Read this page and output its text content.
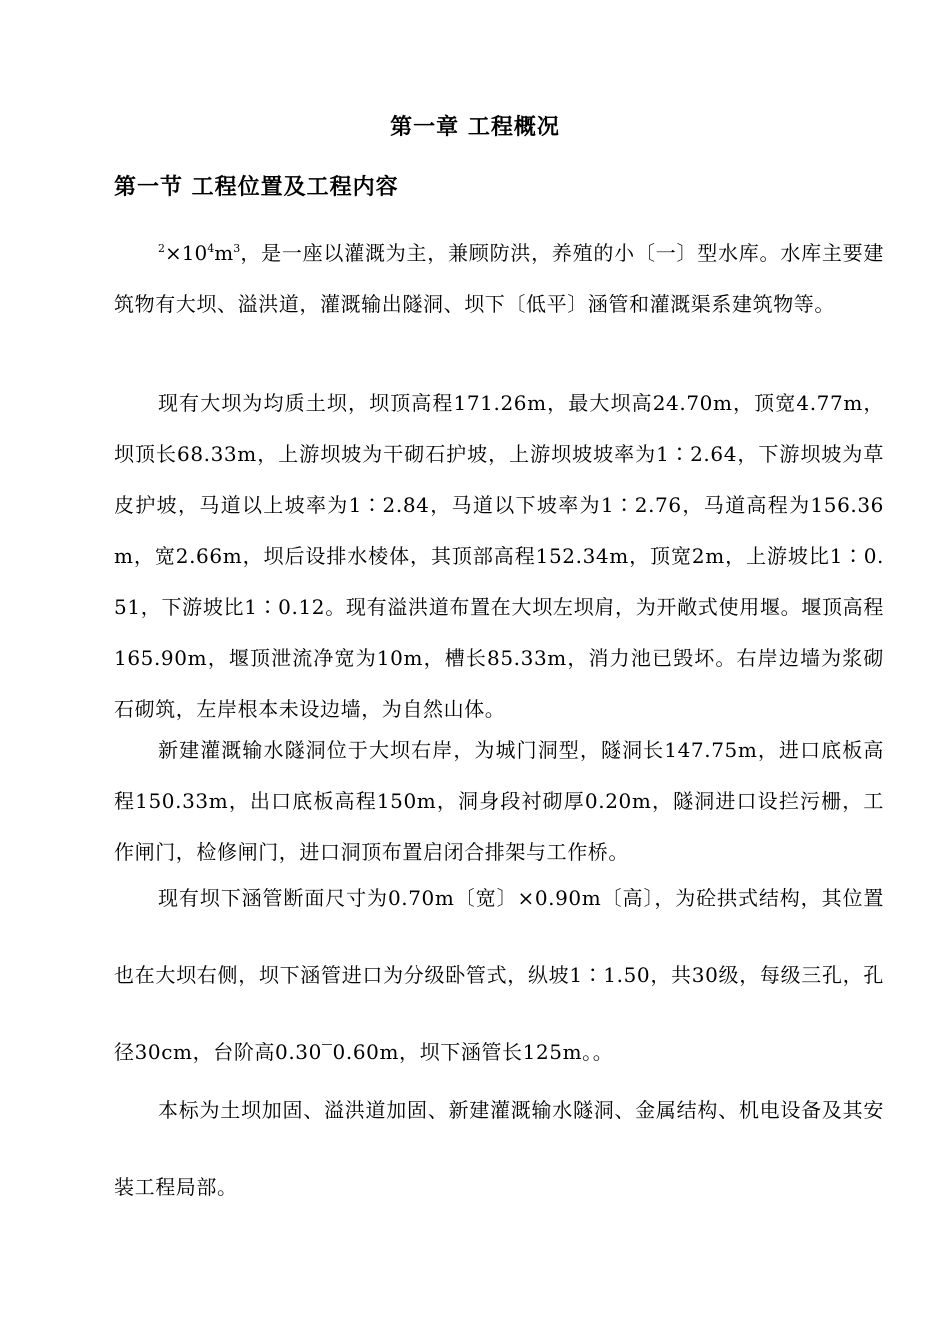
第一章 工程概况
第一节 工程位置及工程内容

$^2\times 10^4m^3$，是一座以灌溉为主，兼顾防洪，养殖的小〔一〕型水库。水库主要建筑物有大坝、溢洪道，灌溉输出隧洞、坝下〔低平〕涵管和灌溉渠系建筑物等。

现有大坝为均质土坝，坝顶高程171.26m，最大坝高24.70m，顶宽4.77m，坝顶长68.33m，上游坝坡为干砌石护坡，上游坝坡坡率为1∶2.64，下游坝坡为草皮护坡，马道以上坡率为1∶2.84，马道以下坡率为1∶2.76，马道高程为156.36m，宽2.66m，坝后设排水棱体，其顶部高程152.34m，顶宽2m，上游坡比1∶0.51，下游坡比1∶0.12。现有溢洪道布置在大坝左坝肩，为开敞式使用堰。堰顶高程165.90m，堰顶泄流净宽为10m，槽长85.33m，消力池已毁坏。右岸边墙为浆砌石砌筑，左岸根本未设边墙，为自然山体。

新建灌溉输水隧洞位于大坝右岸，为城门洞型，隧洞长147.75m，进口底板高程150.33m，出口底板高程150m，洞身段衬砌厚0.20m，隧洞进口设拦污栅，工作闸门，检修闸门，进口洞顶布置启闭合排架与工作桥。

现有坝下涵管断面尺寸为0.70m〔宽〕×0.90m〔高〕，为砼拱式结构，其位置也在大坝右侧，坝下涵管进口为分级卧管式，纵坡1∶1.50，共30级，每级三孔，孔径30cm，台阶高0.30‾0.60m，坝下涵管长125m。。

本标为土坝加固、溢洪道加固、新建灌溉输水隧洞、金属结构、机电设备及其安装工程局部。
